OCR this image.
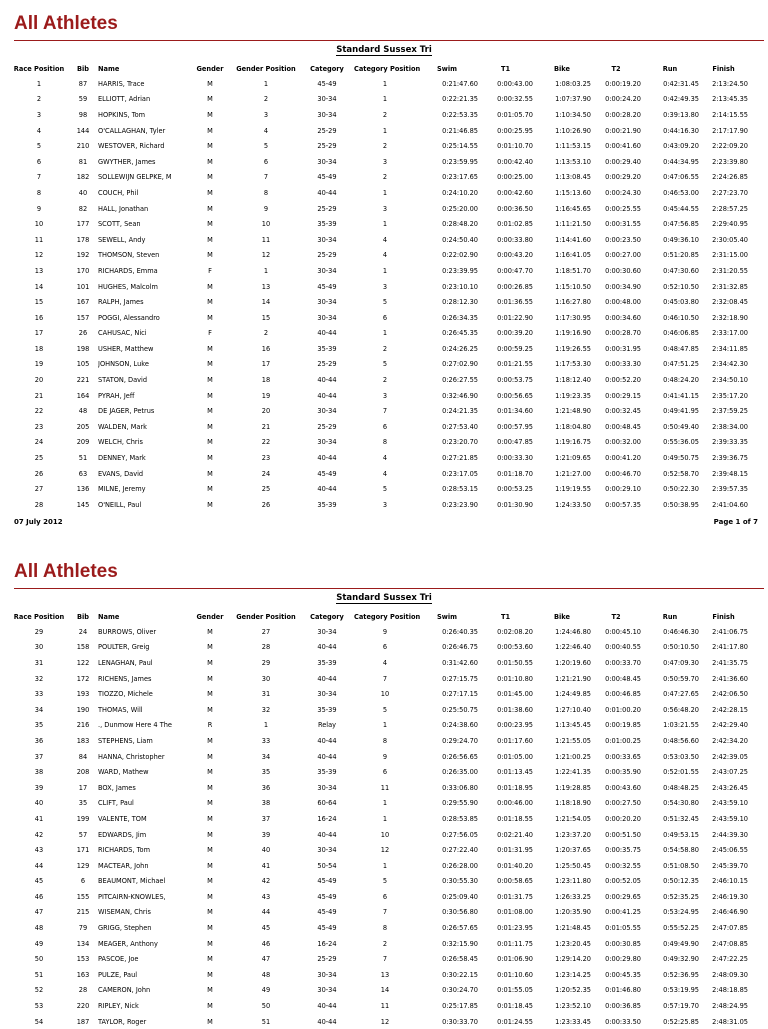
All Athletes
Standard Sussex Tri
Race Position	Bib	Name	Gender	Gender Position	Category	Category Position	Swim	T1	Bike	T2	Run	Finish
1	87	HARRIS, Trace	M	1	45-49	1	0:21:47.60	0:00:43.00	1:08:03.25	0:00:19.20	0:42:31.45	2:13:24.50
2	59	ELLIOTT, Adrian	M	2	30-34	1	0:22:21.35	0:00:32.55	1:07:37.90	0:00:24.20	0:42:49.35	2:13:45.35
3	98	HOPKINS, Tom	M	3	30-34	2	0:22:53.35	0:01:05.70	1:10:34.50	0:00:28.20	0:39:13.80	2:14:15.55
4	144	O'CALLAGHAN, Tyler	M	4	25-29	1	0:21:46.85	0:00:25.95	1:10:26.90	0:00:21.90	0:44:16.30	2:17:17.90
5	210	WESTOVER, Richard	M	5	25-29	2	0:25:14.55	0:01:10.70	1:11:53.15	0:00:41.60	0:43:09.20	2:22:09.20
6	81	GWYTHER, James	M	6	30-34	3	0:23:59.95	0:00:42.40	1:13:53.10	0:00:29.40	0:44:34.95	2:23:39.80
7	182	SOLLEWIJN GELPKE, M	M	7	45-49	2	0:23:17.65	0:00:25.00	1:13:08.45	0:00:29.20	0:47:06.55	2:24:26.85
8	40	COUCH, Phil	M	8	40-44	1	0:24:10.20	0:00:42.60	1:15:13.60	0:00:24.30	0:46:53.00	2:27:23.70
9	82	HALL, Jonathan	M	9	25-29	3	0:25:20.00	0:00:36.50	1:16:45.65	0:00:25.55	0:45:44.55	2:28:57.25
10	177	SCOTT, Sean	M	10	35-39	1	0:28:48.20	0:01:02.85	1:11:21.50	0:00:31.55	0:47:56.85	2:29:40.95
11	178	SEWELL, Andy	M	11	30-34	4	0:24:50.40	0:00:33.80	1:14:41.60	0:00:23.50	0:49:36.10	2:30:05.40
12	192	THOMSON, Steven	M	12	25-29	4	0:22:02.90	0:00:43.20	1:16:41.05	0:00:27.00	0:51:20.85	2:31:15.00
13	170	RICHARDS, Emma	F	1	30-34	1	0:23:39.95	0:00:47.70	1:18:51.70	0:00:30.60	0:47:30.60	2:31:20.55
14	101	HUGHES, Malcolm	M	13	45-49	3	0:23:10.10	0:00:26.85	1:15:10.50	0:00:34.90	0:52:10.50	2:31:32.85
15	167	RALPH, James	M	14	30-34	5	0:28:12.30	0:01:36.55	1:16:27.80	0:00:48.00	0:45:03.80	2:32:08.45
16	157	POGGI, Alessandro	M	15	30-34	6	0:26:34.35	0:01:22.90	1:17:30.95	0:00:34.60	0:46:10.50	2:32:18.90
17	26	CAHUSAC, Nici	F	2	40-44	1	0:26:45.35	0:00:39.20	1:19:16.90	0:00:28.70	0:46:06.85	2:33:17.00
18	198	USHER, Matthew	M	16	35-39	2	0:24:26.25	0:00:59.25	1:19:26.55	0:00:31.95	0:48:47.85	2:34:11.85
19	105	JOHNSON, Luke	M	17	25-29	5	0:27:02.90	0:01:21.55	1:17:53.30	0:00:33.30	0:47:51.25	2:34:42.30
20	221	STATON, David	M	18	40-44	2	0:26:27.55	0:00:53.75	1:18:12.40	0:00:52.20	0:48:24.20	2:34:50.10
21	164	PYRAH, Jeff	M	19	40-44	3	0:32:46.90	0:00:56.65	1:19:23.35	0:00:29.15	0:41:41.15	2:35:17.20
22	48	DE JAGER, Petrus	M	20	30-34	7	0:24:21.35	0:01:34.60	1:21:48.90	0:00:32.45	0:49:41.95	2:37:59.25
23	205	WALDEN, Mark	M	21	25-29	6	0:27:53.40	0:00:57.95	1:18:04.80	0:00:48.45	0:50:49.40	2:38:34.00
24	209	WELCH, Chris	M	22	30-34	8	0:23:20.70	0:00:47.85	1:19:16.75	0:00:32.00	0:55:36.05	2:39:33.35
25	51	DENNEY, Mark	M	23	40-44	4	0:27:21.85	0:00:33.30	1:21:09.65	0:00:41.20	0:49:50.75	2:39:36.75
26	63	EVANS, David	M	24	45-49	4	0:23:17.05	0:01:18.70	1:21:27.00	0:00:46.70	0:52:58.70	2:39:48.15
27	136	MILNE, Jeremy	M	25	40-44	5	0:28:53.15	0:00:53.25	1:19:19.55	0:00:29.10	0:50:22.30	2:39:57.35
28	145	O'NEILL, Paul	M	26	35-39	3	0:23:23.90	0:01:30.90	1:24:33.50	0:00:57.35	0:50:38.95	2:41:04.60
07 July 2012	Page 1 of 7
All Athletes
Standard Sussex Tri
Race Position	Bib	Name	Gender	Gender Position	Category	Category Position	Swim	T1	Bike	T2	Run	Finish
29	24	BURROWS, Oliver	M	27	30-34	9	0:26:40.35	0:02:08.20	1:24:46.80	0:00:45.10	0:46:46.30	2:41:06.75
30	158	POULTER, Greig	M	28	40-44	6	0:26:46.75	0:00:53.60	1:22:46.40	0:00:40.55	0:50:10.50	2:41:17.80
31	122	LENAGHAN, Paul	M	29	35-39	4	0:31:42.60	0:01:50.55	1:20:19.60	0:00:33.70	0:47:09.30	2:41:35.75
32	172	RICHENS, James	M	30	40-44	7	0:27:15.75	0:01:10.80	1:21:21.90	0:00:48.45	0:50:59.70	2:41:36.60
33	193	TIOZZO, Michele	M	31	30-34	10	0:27:17.15	0:01:45.00	1:24:49.85	0:00:46.85	0:47:27.65	2:42:06.50
34	190	THOMAS, Will	M	32	35-39	5	0:25:50.75	0:01:38.60	1:27:10.40	0:01:00.20	0:56:48.20	2:42:28.15
35	216	., Dunmow Here 4 The	R	1	Relay	1	0:24:38.60	0:00:23.95	1:13:45.45	0:00:19.85	1:03:21.55	2:42:29.40
36	183	STEPHENS, Liam	M	33	40-44	8	0:29:24.70	0:01:17.60	1:21:55.05	0:01:00.25	0:48:56.60	2:42:34.20
37	84	HANNA, Christopher	M	34	40-44	9	0:26:56.65	0:01:05.00	1:21:00.25	0:00:33.65	0:53:03.50	2:42:39.05
38	208	WARD, Mathew	M	35	35-39	6	0:26:35.00	0:01:13.45	1:22:41.35	0:00:35.90	0:52:01.55	2:43:07.25
39	17	BOX, James	M	36	30-34	11	0:33:06.80	0:01:18.95	1:19:28.85	0:00:43.60	0:48:48.25	2:43:26.45
40	35	CLIFT, Paul	M	38	60-64	1	0:29:55.90	0:00:46.00	1:18:18.90	0:00:27.50	0:54:30.80	2:43:59.10
41	199	VALENTE, TOM	M	37	16-24	1	0:28:53.85	0:01:18.55	1:21:54.05	0:00:20.20	0:51:32.45	2:43:59.10
42	57	EDWARDS, Jim	M	39	40-44	10	0:27:56.05	0:02:21.40	1:23:37.20	0:00:51.50	0:49:53.15	2:44:39.30
43	171	RICHARDS, Tom	M	40	30-34	12	0:27:22.40	0:01:31.95	1:20:37.65	0:00:35.75	0:54:58.80	2:45:06.55
44	129	MACTEAR, John	M	41	50-54	1	0:26:28.00	0:01:40.20	1:25:50.45	0:00:32.55	0:51:08.50	2:45:39.70
45	6	BEAUMONT, Michael	M	42	45-49	5	0:30:55.30	0:00:58.65	1:23:11.80	0:00:52.05	0:50:12.35	2:46:10.15
46	155	PITCAIRN-KNOWLES,	M	43	45-49	6	0:25:09.40	0:01:31.75	1:26:33.25	0:00:29.65	0:52:35.25	2:46:19.30
47	215	WISEMAN, Chris	M	44	45-49	7	0:30:56.80	0:01:08.00	1:20:35.90	0:00:41.25	0:53:24.95	2:46:46.90
48	79	GRIGG, Stephen	M	45	45-49	8	0:26:57.65	0:01:23.95	1:21:48.45	0:01:05.55	0:55:52.25	2:47:07.85
49	134	MEAGER, Anthony	M	46	16-24	2	0:32:15.90	0:01:11.75	1:23:20.45	0:00:30.85	0:49:49.90	2:47:08.85
50	153	PASCOE, Joe	M	47	25-29	7	0:26:58.45	0:01:06.90	1:29:14.20	0:00:29.80	0:49:32.90	2:47:22.25
51	163	PULZE, Paul	M	48	30-34	13	0:30:22.15	0:01:10.60	1:23:14.25	0:00:45.35	0:52:36.95	2:48:09.30
52	28	CAMERON, John	M	49	30-34	14	0:30:24.70	0:01:55.05	1:20:52.35	0:01:46.80	0:53:19.95	2:48:18.85
53	220	RIPLEY, Nick	M	50	40-44	11	0:25:17.85	0:01:18.45	1:23:52.10	0:00:36.85	0:57:19.70	2:48:24.95
54	187	TAYLOR, Roger	M	51	40-44	12	0:30:33.70	0:01:24.55	1:23:33.45	0:00:33.50	0:52:25.85	2:48:31.05
